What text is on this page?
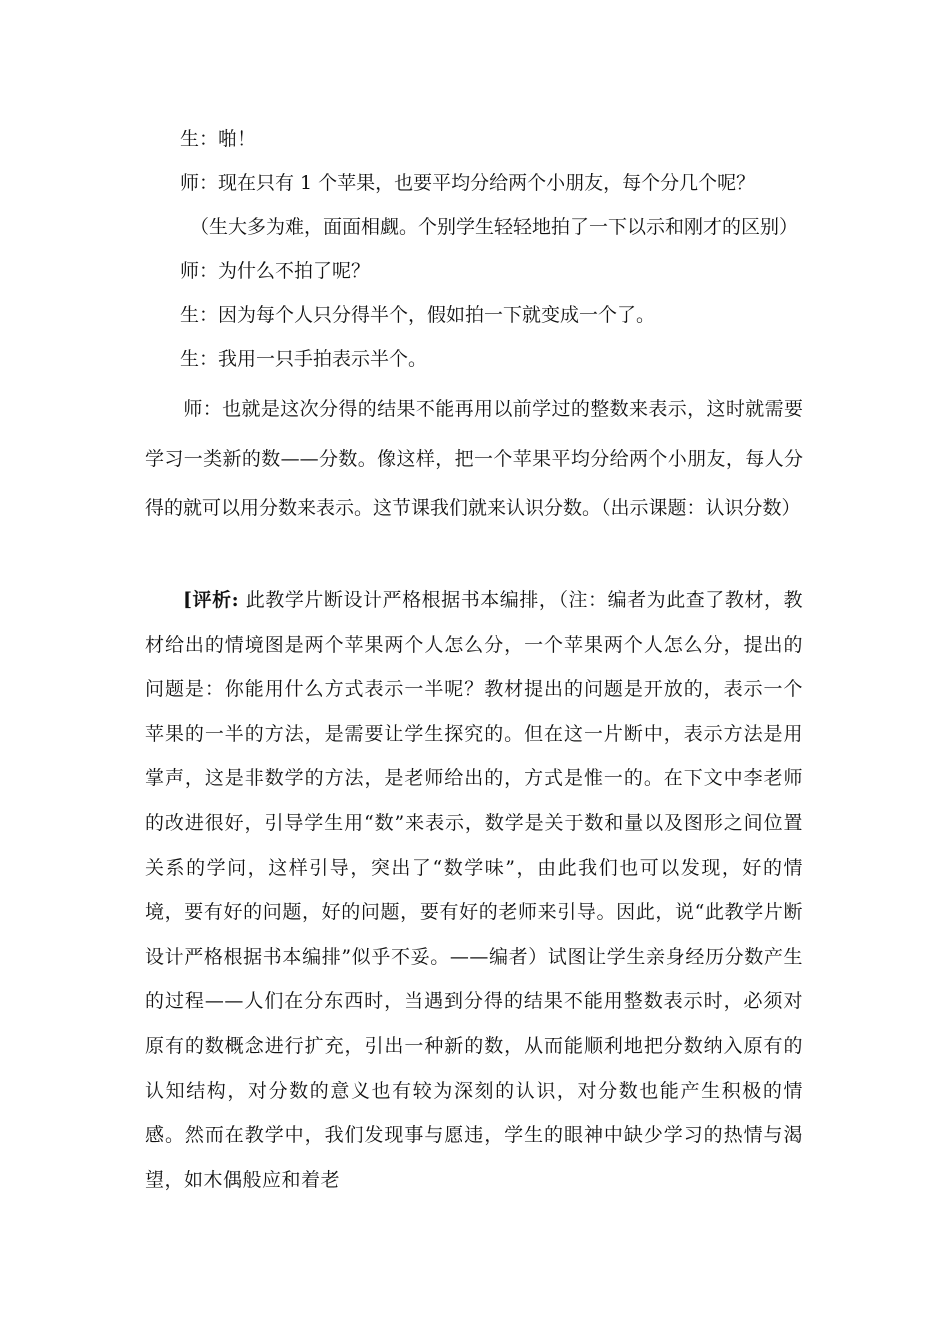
生：啪！
师：现在只有 1 个苹果，也要平均分给两个小朋友，每个分几个呢？
（生大多为难，面面相觑。个别学生轻轻地拍了一下以示和刚才的区别）
师：为什么不拍了呢？
生：因为每个人只分得半个，假如拍一下就变成一个了。
生：我用一只手拍表示半个。
师：也就是这次分得的结果不能再用以前学过的整数来表示，这时就需要学习一类新的数——分数。像这样，把一个苹果平均分给两个小朋友，每人分得的就可以用分数来表示。这节课我们就来认识分数。（出示课题：认识分数）
[评析: 此教学片断设计严格根据书本编排，（注：编者为此查了教材，教材给出的情境图是两个苹果两个人怎么分，一个苹果两个人怎么分，提出的问题是：你能用什么方式表示一半呢？教材提出的问题是开放的，表示一个苹果的一半的方法，是需要让学生探究的。但在这一片断中，表示方法是用掌声，这是非数学的方法，是老师给出的，方式是惟一的。在下文中李老师的改进很好，引导学生用“数”来表示，数学是关于数和量以及图形之间位置关系的学问，这样引导，突出了“数学味”，由此我们也可以发现，好的情境，要有好的问题，好的问题，要有好的老师来引导。因此，说“此教学片断设计严格根据书本编排”似乎不妥。——编者）试图让学生亲身经历分数产生的过程——人们在分东西时，当遇到分得的结果不能用整数表示时，必须对原有的数概念进行扩充，引出一种新的数，从而能顺利地把分数纳入原有的认知结构，对分数的意义也有较为深刻的认识，对分数也能产生积极的情感。然而在教学中，我们发现事与愿违，学生的眼神中缺少学习的热情与渴望，如木偶般应和着老
